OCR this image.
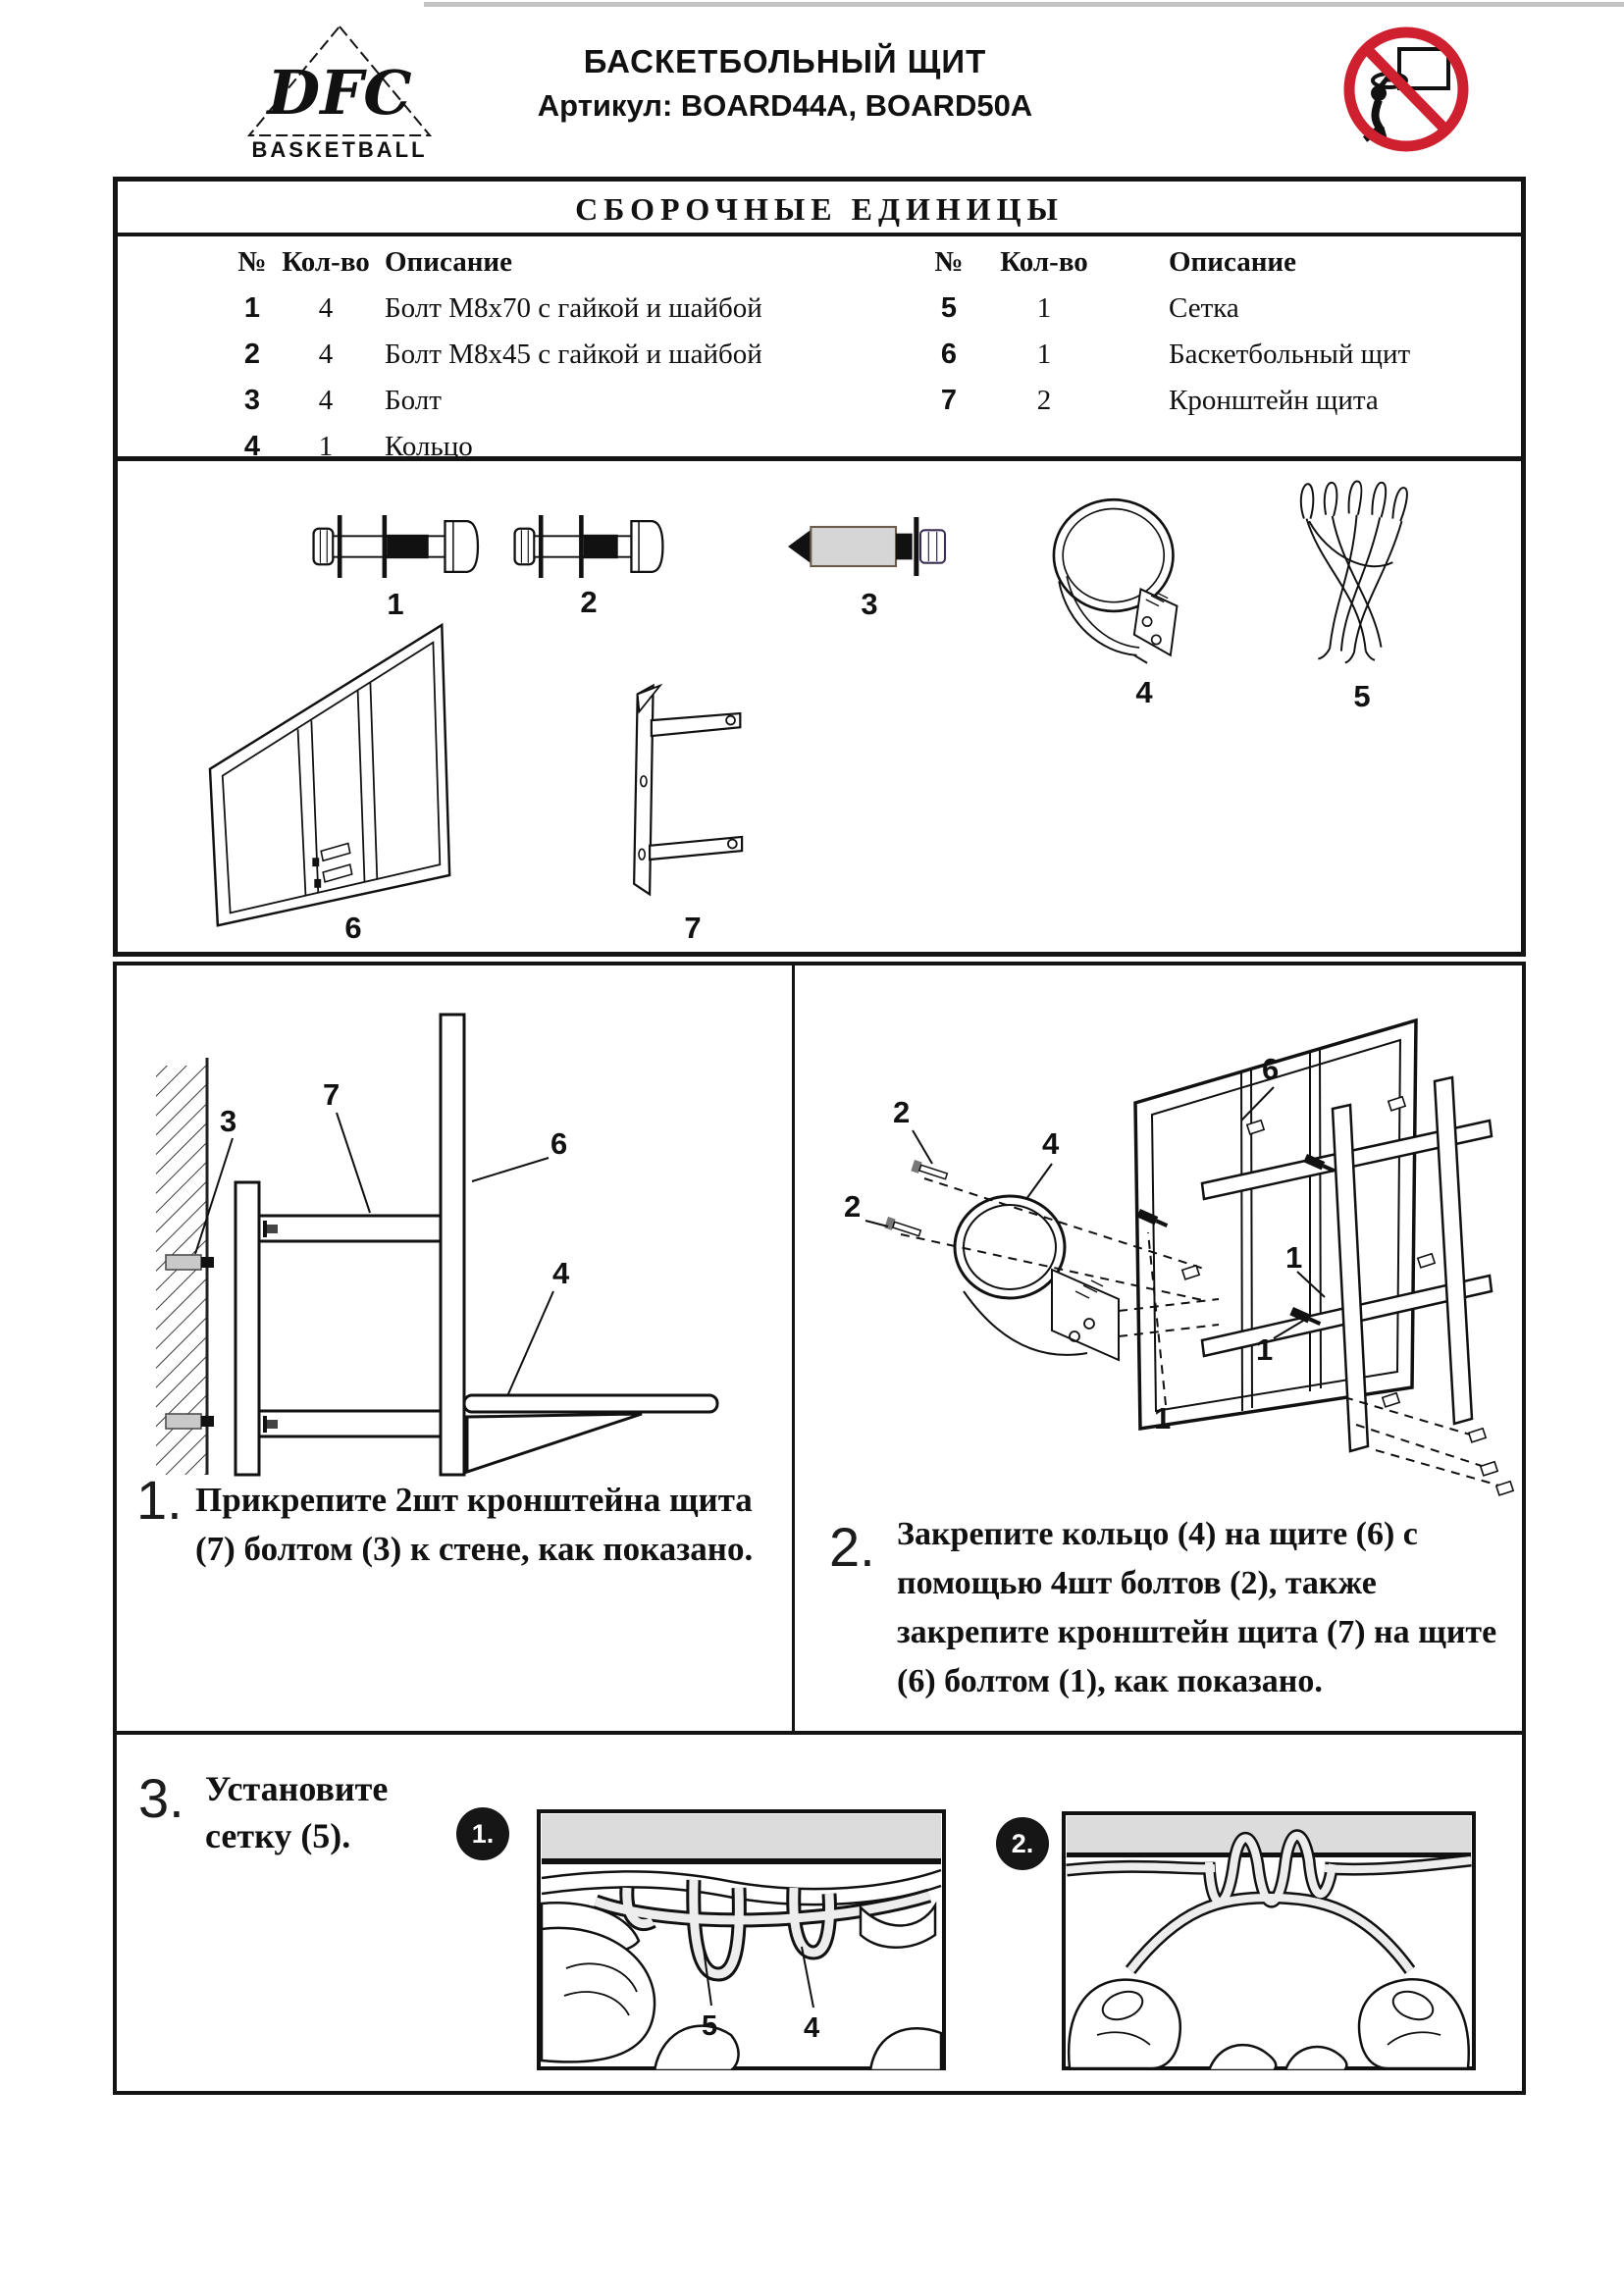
DFC
BASKETBALL
БАСКЕТБОЛЬНЫЙ ЩИТ
Артикул: BOARD44A, BOARD50A
СБОРОЧНЫЕ ЕДИНИЦЫ
№ Кол-во Описание
1	4	Болт М8х70 с гайкой и шайбой
2	4	Болт М8х45 с гайкой и шайбой
3	4	Болт
4	1	Кольцо
№	Кол-во	Описание
5	1	Сетка
6	1	Баскетбольный щит
7	2	Кронштейн щита
1	2	3
4	5
6	7
3
7
6
4
1. Прикрепите 2шт кронштейна щита (7) болтом (3) к стене, как показано.
2
2
4
6
1
1
1
2. Закрепите кольцо (4) на щите (6) с помощью 4шт болтов (2), также закрепите кронштейн щита (7) на щите (6) болтом (1), как показано.
3. Установите сетку (5).	1.
5	4
2.
